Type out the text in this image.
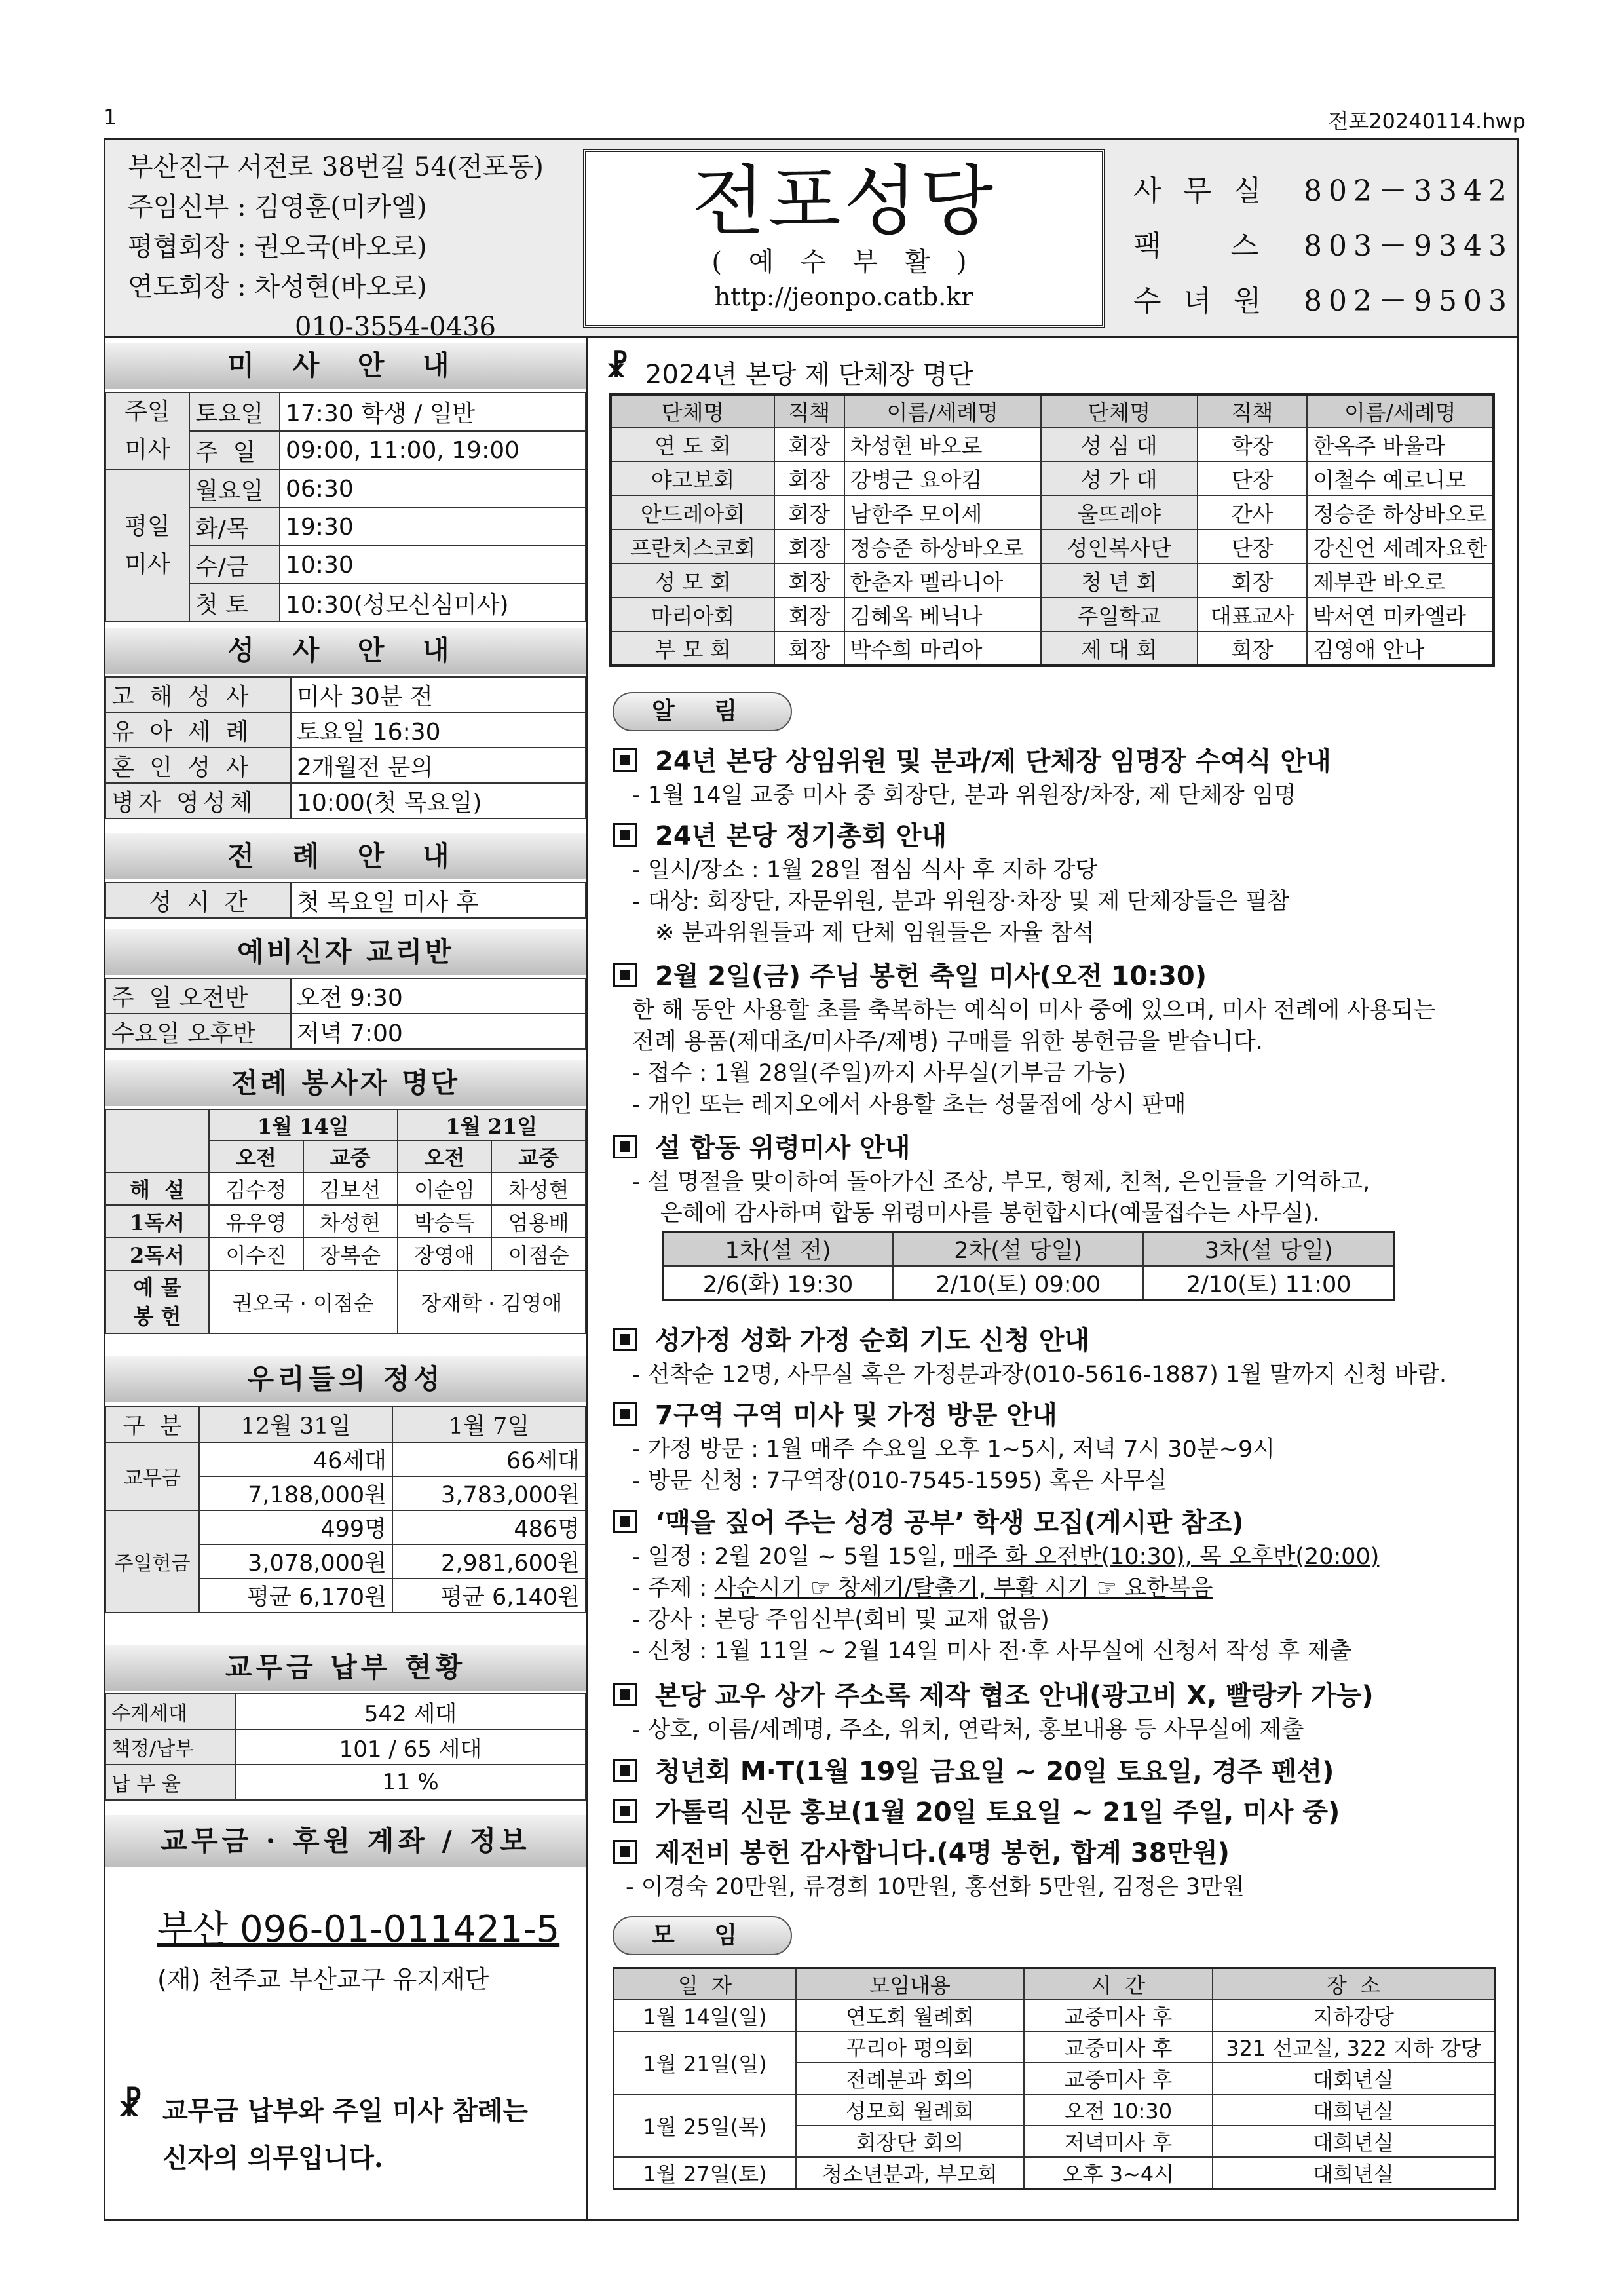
1	전포20240114.hwp
부산진구 서전로 38번길 54(전포동)
주임신부 : 김영훈(미카엘)
평협회장 : 권오국(바오로)
연도회장 : 차성현(바오로)
010-3554-0436
전포성당
( 예 수 부 활 )
http://jeonpo.catb.kr
사 무 실 802－3342
팩    스 803－9343
수 녀 원 802－9503
미 사 안 내
주일
미사	토요일	17:30 학생 / 일반
	주  일	09:00, 11:00, 19:00
평일
미사	월요일	06:30
	화/목	19:30
	수/금	10:30
	첫 토	10:30(성모신심미사)
성 사 안 내
고 해 성 사	미사 30분 전
유 아 세 례	토요일 16:30
혼 인 성 사	2개월전 문의
병자 영성체	10:00(첫 목요일)
전 례 안 내
성  시  간	첫 목요일 미사 후
예비신자 교리반
주  일 오전반	오전 9:30
수요일 오후반	저녁 7:00
전례 봉사자 명단
	1월 14일		1월 21일	
	오전	교중	오전	교중
해  설	김수정	김보선	이순임	차성현
1독서	유우영	차성현	박승득	엄용배
2독서	이수진	장복순	장영애	이점순
예 물
봉 헌	권오국 · 이점순		장재학 · 김영애	
우리들의 정성
구  분	12월 31일	1월 7일
교무금	46세대	66세대
	7,188,000원	3,783,000원
주일헌금	499명	486명
	3,078,000원	2,981,600원
	평균 6,170원	평균 6,140원
교무금 납부 현황
수계세대	542 세대
책정/납부	101 / 65 세대
납 부 율	11 %
교무금 · 후원 계좌 / 정보
부산 096-01-011421-5
(재) 천주교 부산교구 유지재단
☧ 교무금 납부와 주일 미사 참례는
신자의 의무입니다.
☧ 2024년 본당 제 단체장 명단
단체명	직책	이름/세례명	단체명	직책	이름/세례명
연 도 회	회장	차성현 바오로	성 심 대	학장	한옥주 바울라
야고보회	회장	강병근 요아킴	성 가 대	단장	이철수 예로니모
안드레아회	회장	남한주 모이세	울뜨레야	간사	정승준 하상바오로
프란치스코회	회장	정승준 하상바오로	성인복사단	단장	강신언 세례자요한
성 모 회	회장	한춘자 멜라니아	청 년 회	회장	제부관 바오로
마리아회	회장	김혜옥 베닉나	주일학교	대표교사	박서연 미카엘라
부 모 회	회장	박수희 마리아	제 대 회	회장	김영애 안나
알 림
24년 본당 상임위원 및 분과/제 단체장 임명장 수여식 안내
- 1월 14일 교중 미사 중 회장단, 분과 위원장/차장, 제 단체장 임명
24년 본당 정기총회 안내
- 일시/장소 : 1월 28일 점심 식사 후 지하 강당
- 대상: 회장단, 자문위원, 분과 위원장·차장 및 제 단체장들은 필참
※ 분과위원들과 제 단체 임원들은 자율 참석
2월 2일(금) 주님 봉헌 축일 미사(오전 10:30)
한 해 동안 사용할 초를 축복하는 예식이 미사 중에 있으며, 미사 전례에 사용되는
전례 용품(제대초/미사주/제병) 구매를 위한 봉헌금을 받습니다.
- 접수 : 1월 28일(주일)까지 사무실(기부금 가능)
- 개인 또는 레지오에서 사용할 초는 성물점에 상시 판매
설 합동 위령미사 안내
- 설 명절을 맞이하여 돌아가신 조상, 부모, 형제, 친척, 은인들을 기억하고,
은혜에 감사하며 합동 위령미사를 봉헌합시다(예물접수는 사무실).
1차(설 전)	2차(설 당일)	3차(설 당일)
2/6(화) 19:30	2/10(토) 09:00	2/10(토) 11:00
성가정 성화 가정 순회 기도 신청 안내
- 선착순 12명, 사무실 혹은 가정분과장(010-5616-1887) 1월 말까지 신청 바람.
7구역 구역 미사 및 가정 방문 안내
- 가정 방문 : 1월 매주 수요일 오후 1~5시, 저녁 7시 30분~9시
- 방문 신청 : 7구역장(010-7545-1595) 혹은 사무실
‘맥을 짚어 주는 성경 공부’ 학생 모집(게시판 참조)
- 일정 : 2월 20일 ~ 5월 15일, 매주 화 오전반(10:30), 목 오후반(20:00)
- 주제 : 사순시기 ☞ 창세기/탈출기, 부활 시기 ☞ 요한복음
- 강사 : 본당 주임신부(회비 및 교재 없음)
- 신청 : 1월 11일 ~ 2월 14일 미사 전·후 사무실에 신청서 작성 후 제출
본당 교우 상가 주소록 제작 협조 안내(광고비 X, 빨랑카 가능)
- 상호, 이름/세례명, 주소, 위치, 연락처, 홍보내용 등 사무실에 제출
청년회 M·T(1월 19일 금요일 ~ 20일 토요일, 경주 펜션)
가톨릭 신문 홍보(1월 20일 토요일 ~ 21일 주일, 미사 중)
제전비 봉헌 감사합니다.(4명 봉헌, 합계 38만원)
- 이경숙 20만원, 류경희 10만원, 홍선화 5만원, 김정은 3만원
모 임
일  자	모임내용	시  간	장  소
1월 14일(일)	연도회 월례회	교중미사 후	지하강당
1월 21일(일)	꾸리아 평의회	교중미사 후	321 선교실, 322 지하 강당
	전례분과 회의	교중미사 후	대회년실
1월 25일(목)	성모회 월례회	오전 10:30	대희년실
	회장단 회의	저녁미사 후	대희년실
1월 27일(토)	청소년분과, 부모회	오후 3~4시	대희년실
